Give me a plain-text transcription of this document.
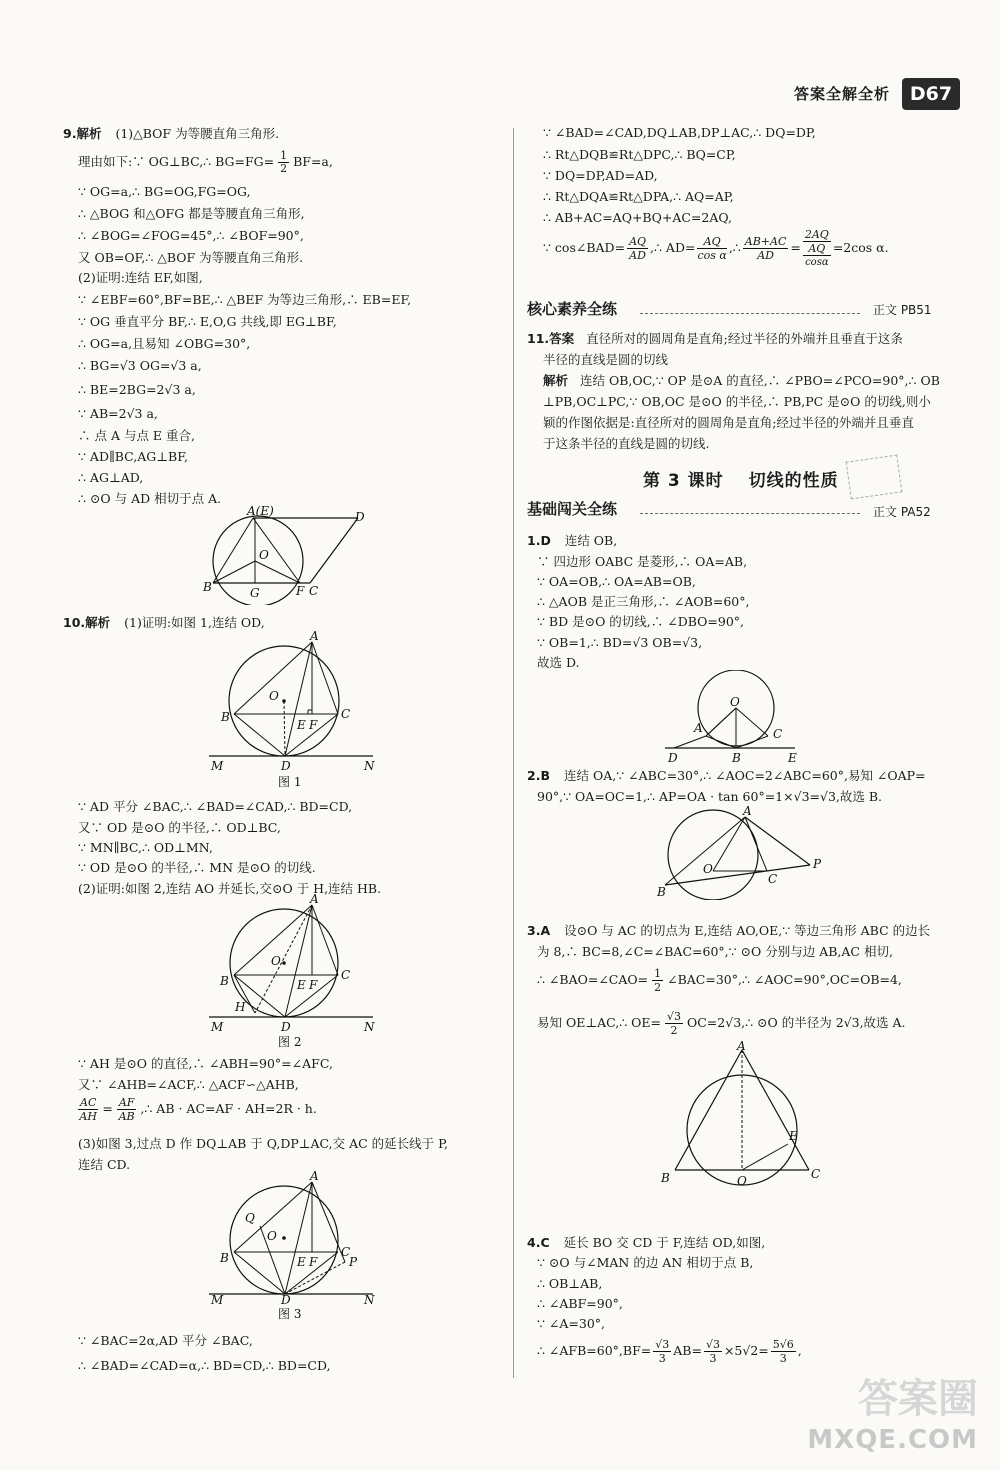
答案全解全析	D67
9.解析 (1)△BOF 为等腰直角三角形.
理由如下:∵ OG⊥BC,∴ $BG=FG= \frac{1}{2} BF=a$,
∵ OG=a,∴ BG=OG,FG=OG,
∴ △BOG 和△OFG 都是等腰直角三角形,
∴ ∠BOG=∠FOG=45°,∴ ∠BOF=90°,
又 OB=OF,∴ △BOF 为等腰直角三角形.
(2)证明:连结 EF,如图,
∵ ∠EBF=60°,BF=BE,∴ △BEF 为等边三角形,∴ EB=EF,
∵ OG 垂直平分 BF,∴ E,O,G 共线,即 EG⊥BF,
∴ OG=a,且易知 ∠OBG=30°,
∴ BG=√3 OG=√3 a,
∴ BE=2BG=2√3 a,
∵ AB=2√3 a,
∴ 点 A 与点 E 重合,
∵ AD∥BC,AG⊥BF,
∴ AG⊥AD,
∴ ⊙O 与 AD 相切于点 A.
A(E)	D
O
B	G	F C
10.解析 (1)证明:如图 1,连结 OD,
A
O
B
E F
C
M	D	N
图 1
∵ AD 平分 ∠BAC,∴ ∠BAD=∠CAD,∴ BD=CD,
又∵ OD 是⊙O 的半径,∴ OD⊥BC,
∵ MN∥BC,∴ OD⊥MN,
∵ OD 是⊙O 的半径,∴ MN 是⊙O 的切线.
(2)证明:如图 2,连结 AO 并延长,交⊙O 于 H,连结 HB.
A
O
B	E F
C
H
M	D	N
图 2
∵ AH 是⊙O 的直径,∴ ∠ABH=90°=∠AFC,
又∵ ∠AHB=∠ACF,∴ △ACF∽△AHB,
$\frac{AC}{AH} = \frac{AF}{AB}$ ,∴ AB · AC=AF · AH=2R · h.
(3)如图 3,过点 D 作 DQ⊥AB 于 Q,DP⊥AC,交 AC 的延长线于 P,
连结 CD.
A
Q
O
B	E F
C
P
M	D	N
图 3
∵ ∠BAC=2α,AD 平分 ∠BAC,
∴ ∠BAD=∠CAD=α,∴ BD=CD,∴ BD=CD,
∵ ∠BAD=∠CAD,DQ⊥AB,DP⊥AC,∴ DQ=DP,
∴ Rt△DQB≌Rt△DPC,∴ BQ=CP,
∵ DQ=DP,AD=AD,
∴ Rt△DQA≌Rt△DPA,∴ AQ=AP,
∴ AB+AC=AQ+BQ+AC=2AQ,
∵ cos∠BAD= $\frac{AQ}{AD}$ ,∴ $AD= \frac{AQ}{\text{cos α}}$ ,∴ $\frac{AB+AC}{AD}$ =
2AQ
AQ
cosα
=2cos α.
核心素养全练	正文 PB51
11.答案 直径所对的圆周角是直角;经过半径的外端并且垂直于这条
半径的直线是圆的切线
解析 连结 OB,OC,∵ OP 是⊙A 的直径,∴ ∠PBO=∠PCO=90°,∴ OB
⊥PB,OC⊥PC,∵ OB,OC 是⊙O 的半径,∴ PB,PC 是⊙O 的切线,则小
颖的作图依据是:直径所对的圆周角是直角;经过半径的外端并且垂直
于这条半径的直线是圆的切线.
第 3 课时 切线的性质
基础闯关全练	正文 PA52
1.D 连结 OB,
∵ 四边形 OABC 是菱形,∴ OA=AB,
∵ OA=OB,∴ OA=AB=OB,
∴ △AOB 是正三角形,∴ ∠AOB=60°,
∵ BD 是⊙O 的切线,∴ ∠DBO=90°,
∵ OB=1,∴ BD=√3 OB=√3,
故选 D.
O
A	C
D	B	E
2.B 连结 OA,∵ ∠ABC=30°,∴ ∠AOC=2∠ABC=60°,易知 ∠OAP=
90°,∵ OA=OC=1,∴ AP=OA · tan 60°=1×√3=√3,故选 B.
A
O
C
P
B
3.A 设⊙O 与 AC 的切点为 E,连结 AO,OE,∵ 等边三角形 ABC 的边长
为 8,∴ BC=8,∠C=∠BAC=60°,∵ ⊙O 分别与边 AB,AC 相切,
∴ ∠BAO=∠CAO= $\frac{1}{2}$ ∠BAC=30°,∴ ∠AOC=90°,OC=OB=4,
易知 OE⊥AC,∴ $OE= \frac{√3}{2}$ OC=2√3,∴ ⊙O 的半径为 2√3,故选 A.
A
E
B	O	C
4.C 延长 BO 交 CD 于 F,连结 OD,如图,
∵ ⊙O 与∠MAN 的边 AN 相切于点 B,
∴ OB⊥AB,
∴ ∠ABF=90°,
∵ ∠A=30°,
∴ ∠AFB=60°,BF= $\frac{√3}{3} AB= \frac{√3}{3} \times 5√2= \frac{5√6}{3}$ ,
答案圈
MXQE.COM
